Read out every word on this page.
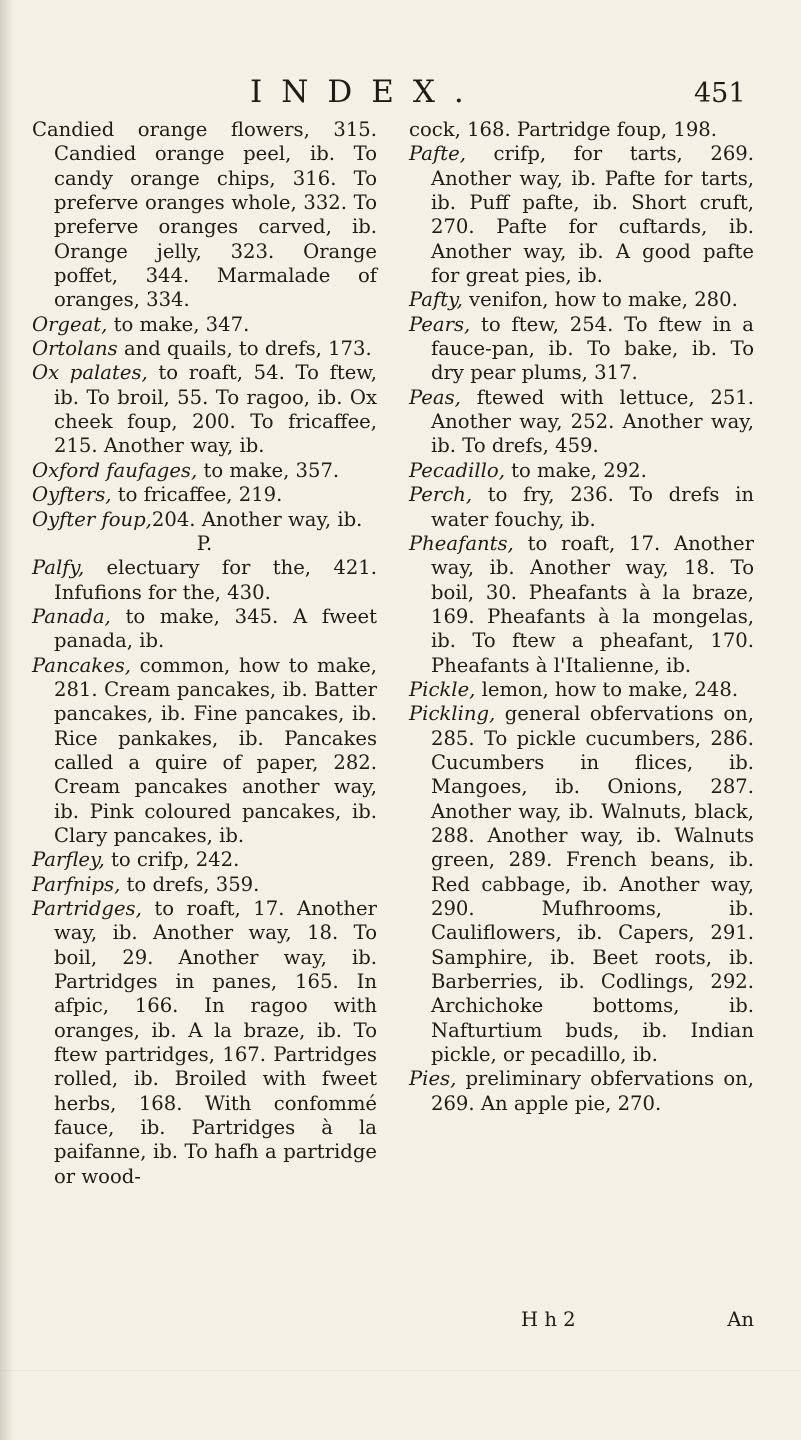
INDEX.	451
Candied orange flowers, 315. Candied orange peel, ib. To candy orange chips, 316. To preferve oranges whole, 332. To preferve oranges carved, ib. Orange jelly, 323. Orange poffet, 344. Marmalade of oranges, 334.
Orgeat, to make, 347.
Ortolans and quails, to drefs, 173.
Ox palates, to roaft, 54. To ftew, ib. To broil, 55. To ragoo, ib. Ox cheek foup, 200. To fricaffee, 215. Another way, ib.
Oxford faufages, to make, 357.
Oyfters, to fricaffee, 219.
Oyfter foup,204. Another way, ib.
P.
Palfy, electuary for the, 421. Infufions for the, 430.
Panada, to make, 345. A fweet panada, ib.
Pancakes, common, how to make, 281. Cream pancakes, ib. Batter pancakes, ib. Fine pancakes, ib. Rice pankakes, ib. Pancakes called a quire of paper, 282. Cream pancakes another way, ib. Pink coloured pancakes, ib. Clary pancakes, ib.
Parfley, to crifp, 242.
Parfnips, to drefs, 359.
Partridges, to roaft, 17. Another way, ib. Another way, 18. To boil, 29. Another way, ib. Partridges in panes, 165. In afpic, 166. In ragoo with oranges, ib. A la braze, ib. To ftew partridges, 167. Partridges rolled, ib. Broiled with fweet herbs, 168. With confommé fauce, ib. Partridges à la paifanne, ib. To hafh a partridge or wood-
cock, 168. Partridge foup, 198.
Pafte, crifp, for tarts, 269. Another way, ib. Pafte for tarts, ib. Puff pafte, ib. Short cruft, 270. Pafte for cuftards, ib. Another way, ib. A good pafte for great pies, ib.
Pafty, venifon, how to make, 280.
Pears, to ftew, 254. To ftew in a fauce-pan, ib. To bake, ib. To dry pear plums, 317.
Peas, ftewed with lettuce, 251. Another way, 252. Another way, ib. To drefs, 459.
Pecadillo, to make, 292.
Perch, to fry, 236. To drefs in water fouchy, ib.
Pheafants, to roaft, 17. Another way, ib. Another way, 18. To boil, 30. Pheafants à la braze, 169. Pheafants à la mongelas, ib. To ftew a pheafant, 170. Pheafants à l'Italienne, ib.
Pickle, lemon, how to make, 248.
Pickling, general obfervations on, 285. To pickle cucumbers, 286. Cucumbers in flices, ib. Mangoes, ib. Onions, 287. Another way, ib. Walnuts, black, 288. Another way, ib. Walnuts green, 289. French beans, ib. Red cabbage, ib. Another way, 290. Mufhrooms, ib. Cauliflowers, ib. Capers, 291. Samphire, ib. Beet roots, ib. Barberries, ib. Codlings, 292. Archichoke bottoms, ib. Nafturtium buds, ib. Indian pickle, or pecadillo, ib.
Pies, preliminary obfervations on, 269. An apple pie, 270.
H h 2	An
